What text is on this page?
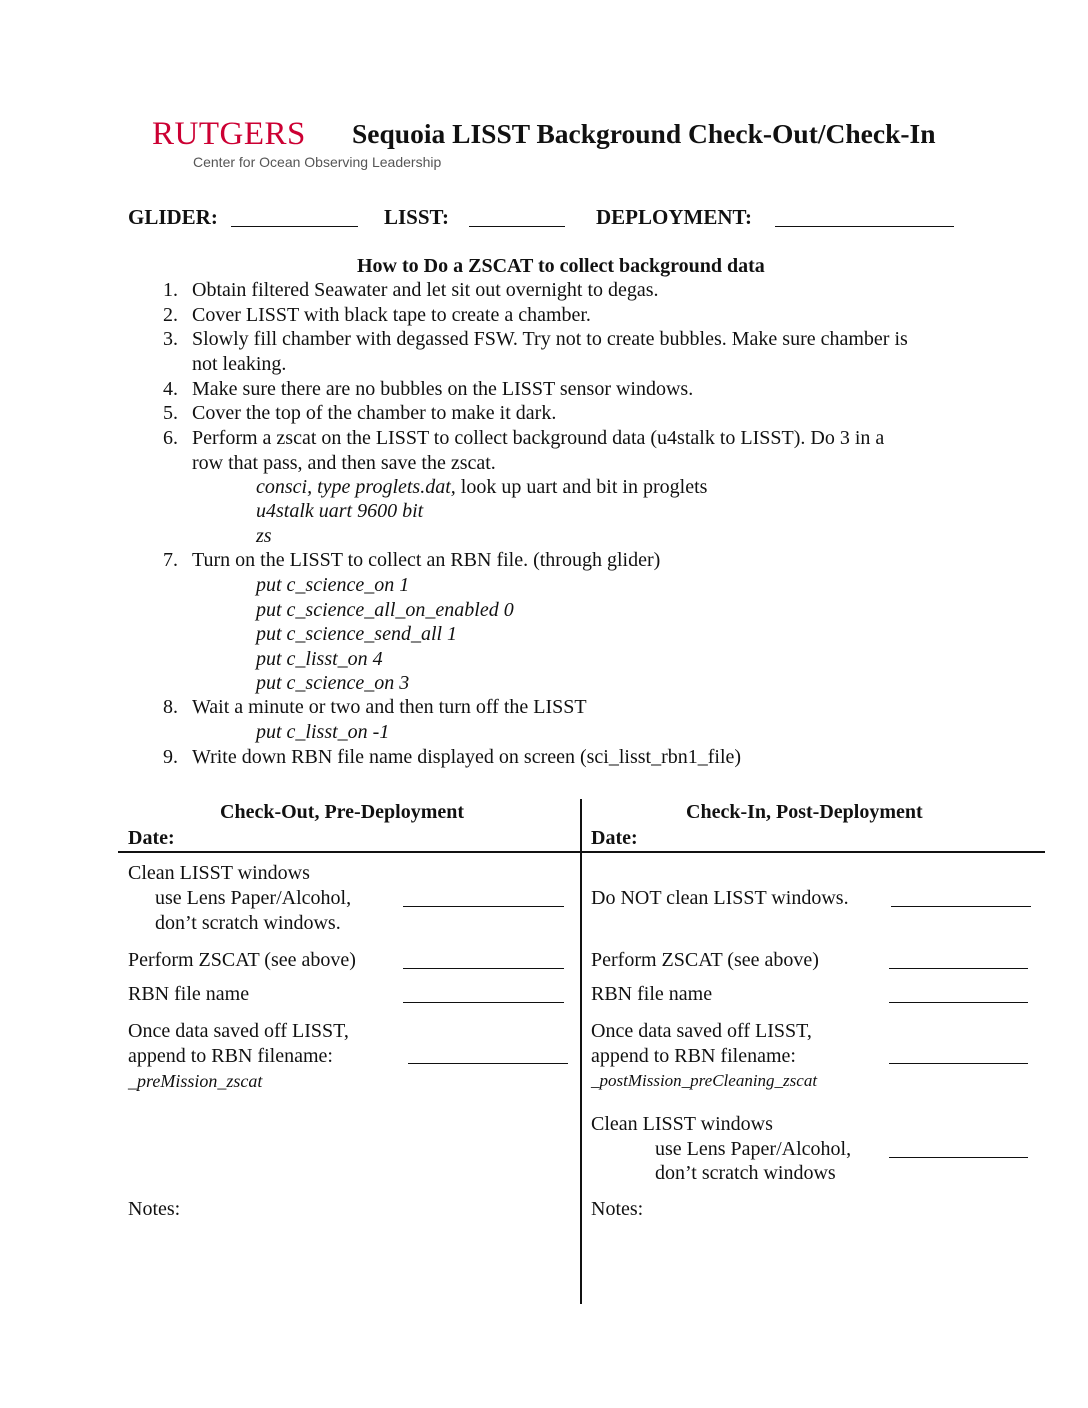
RUTGERS
Center for Ocean Observing Leadership
Sequoia LISST Background Check-Out/Check-In
GLIDER:	LISST:	DEPLOYMENT:
How to Do a ZSCAT to collect background data
1. Obtain filtered Seawater and let sit out overnight to degas.
2. Cover LISST with black tape to create a chamber.
3. Slowly fill chamber with degassed FSW. Try not to create bubbles. Make sure chamber is
not leaking.
4. Make sure there are no bubbles on the LISST sensor windows.
5. Cover the top of the chamber to make it dark.
6. Perform a zscat on the LISST to collect background data (u4stalk to LISST). Do 3 in a
row that pass, and then save the zscat.
consci, type proglets.dat, look up uart and bit in proglets
u4stalk uart 9600 bit
zs
7. Turn on the LISST to collect an RBN file. (through glider)
put c_science_on 1
put c_science_all_on_enabled 0
put c_science_send_all 1
put c_lisst_on 4
put c_science_on 3
8. Wait a minute or two and then turn off the LISST
put c_lisst_on -1
9. Write down RBN file name displayed on screen (sci_lisst_rbn1_file)
Check-Out, Pre-Deployment
Date:
Clean LISST windows
use Lens Paper/Alcohol,
don’t scratch windows.
Perform ZSCAT (see above)
RBN file name
Once data saved off LISST,
append to RBN filename:
_preMission_zscat
Notes:
Check-In, Post-Deployment
Date:
Do NOT clean LISST windows.
Perform ZSCAT (see above)
RBN file name
Once data saved off LISST,
append to RBN filename:
_postMission_preCleaning_zscat
Clean LISST windows
use Lens Paper/Alcohol,
don’t scratch windows
Notes:
